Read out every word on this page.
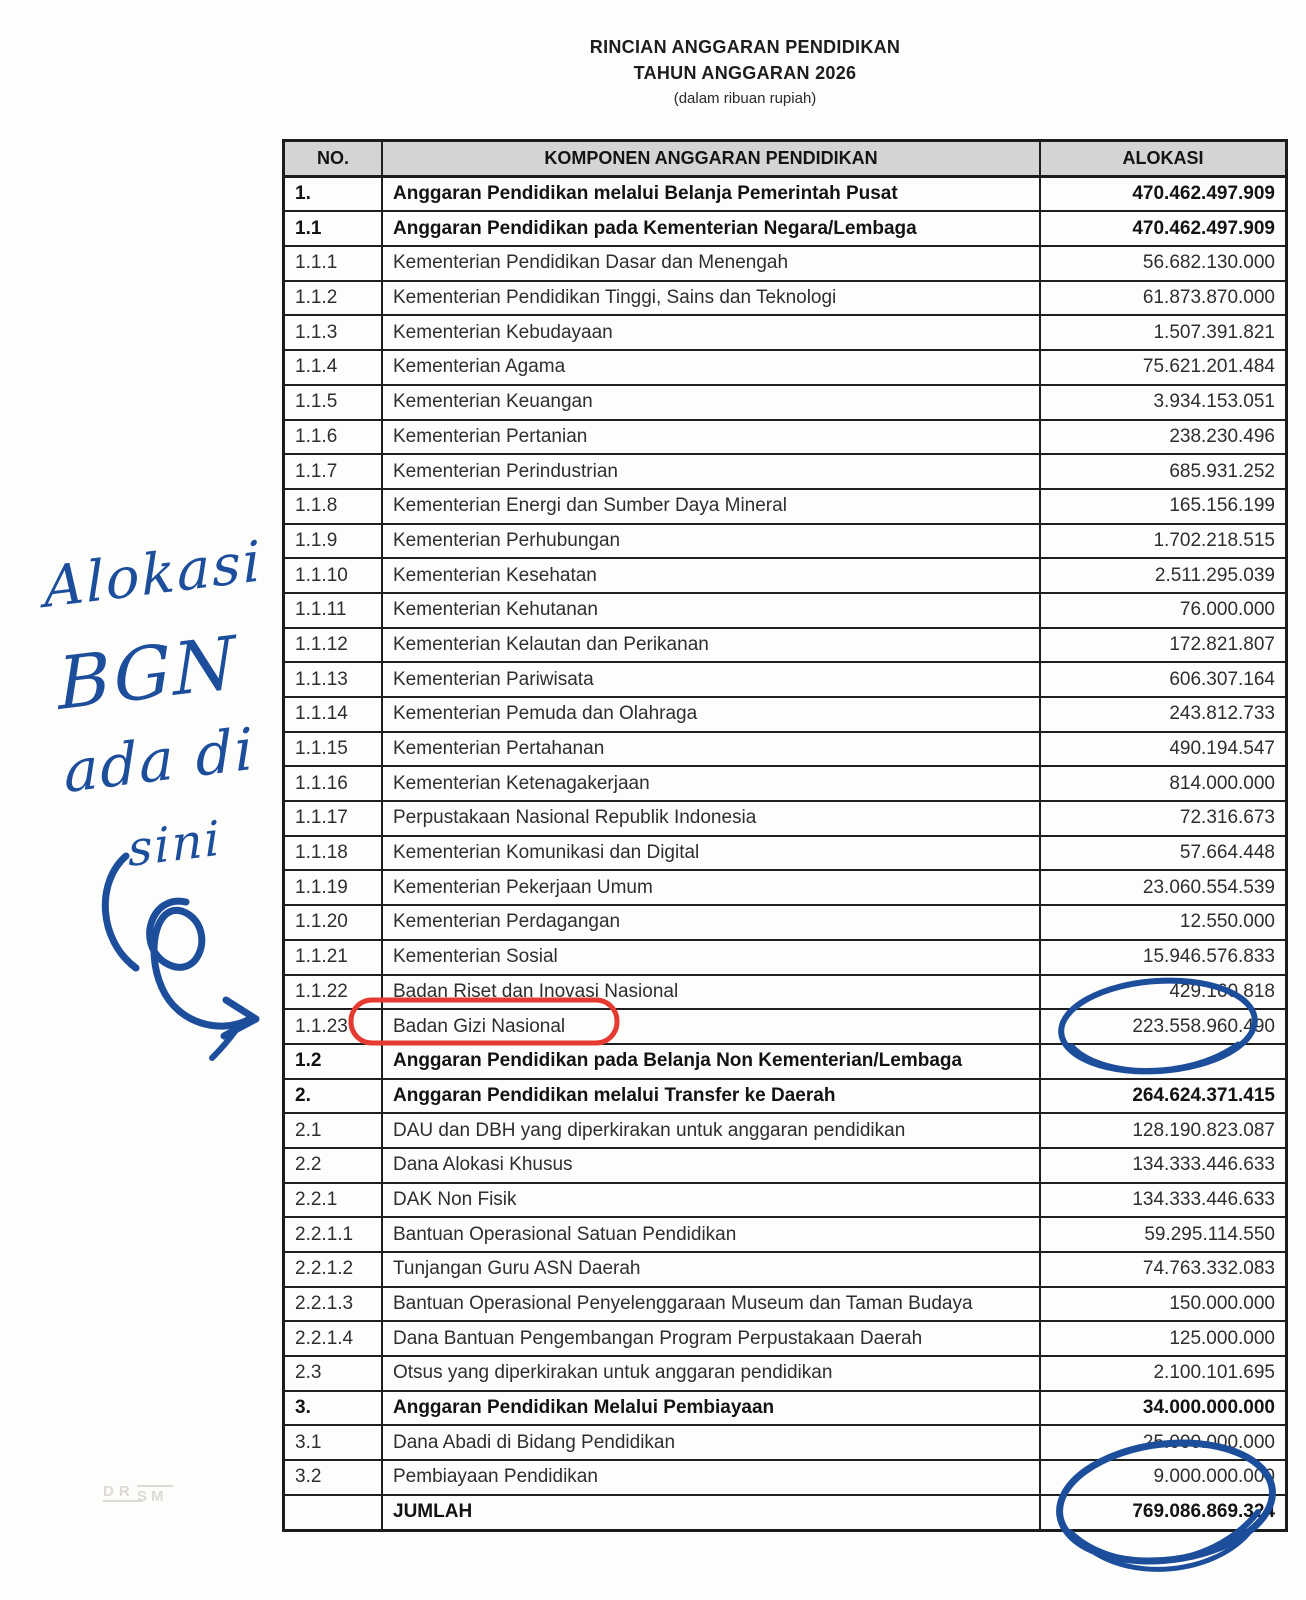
RINCIAN ANGGARAN PENDIDIKAN
TAHUN ANGGARAN 2026
(dalam ribuan rupiah)
NO.	KOMPONEN ANGGARAN PENDIDIKAN	ALOKASI
1.	Anggaran Pendidikan melalui Belanja Pemerintah Pusat	470.462.497.909
1.1	Anggaran Pendidikan pada Kementerian Negara/Lembaga	470.462.497.909
1.1.1	Kementerian Pendidikan Dasar dan Menengah	56.682.130.000
1.1.2	Kementerian Pendidikan Tinggi, Sains dan Teknologi	61.873.870.000
1.1.3	Kementerian Kebudayaan	1.507.391.821
1.1.4	Kementerian Agama	75.621.201.484
1.1.5	Kementerian Keuangan	3.934.153.051
1.1.6	Kementerian Pertanian	238.230.496
1.1.7	Kementerian Perindustrian	685.931.252
1.1.8	Kementerian Energi dan Sumber Daya Mineral	165.156.199
1.1.9	Kementerian Perhubungan	1.702.218.515
1.1.10	Kementerian Kesehatan	2.511.295.039
1.1.11	Kementerian Kehutanan	76.000.000
1.1.12	Kementerian Kelautan dan Perikanan	172.821.807
1.1.13	Kementerian Pariwisata	606.307.164
1.1.14	Kementerian Pemuda dan Olahraga	243.812.733
1.1.15	Kementerian Pertahanan	490.194.547
1.1.16	Kementerian Ketenagakerjaan	814.000.000
1.1.17	Perpustakaan Nasional Republik Indonesia	72.316.673
1.1.18	Kementerian Komunikasi dan Digital	57.664.448
1.1.19	Kementerian Pekerjaan Umum	23.060.554.539
1.1.20	Kementerian Perdagangan	12.550.000
1.1.21	Kementerian Sosial	15.946.576.833
1.1.22	Badan Riset dan Inovasi Nasional	429.160.818
1.1.23	Badan Gizi Nasional	223.558.960.490
1.2	Anggaran Pendidikan pada Belanja Non Kementerian/Lembaga	
2.	Anggaran Pendidikan melalui Transfer ke Daerah	264.624.371.415
2.1	DAU dan DBH yang diperkirakan untuk anggaran pendidikan	128.190.823.087
2.2	Dana Alokasi Khusus	134.333.446.633
2.2.1	DAK Non Fisik	134.333.446.633
2.2.1.1	Bantuan Operasional Satuan Pendidikan	59.295.114.550
2.2.1.2	Tunjangan Guru ASN Daerah	74.763.332.083
2.2.1.3	Bantuan Operasional Penyelenggaraan Museum dan Taman Budaya	150.000.000
2.2.1.4	Dana Bantuan Pengembangan Program Perpustakaan Daerah	125.000.000
2.3	Otsus yang diperkirakan untuk anggaran pendidikan	2.100.101.695
3.	Anggaran Pendidikan Melalui Pembiayaan	34.000.000.000
3.1	Dana Abadi di Bidang Pendidikan	25.000.000.000
3.2	Pembiayaan Pendidikan	9.000.000.000
	JUMLAH	769.086.869.324
Alokasi
BGN
ada di
sini
DR SM
